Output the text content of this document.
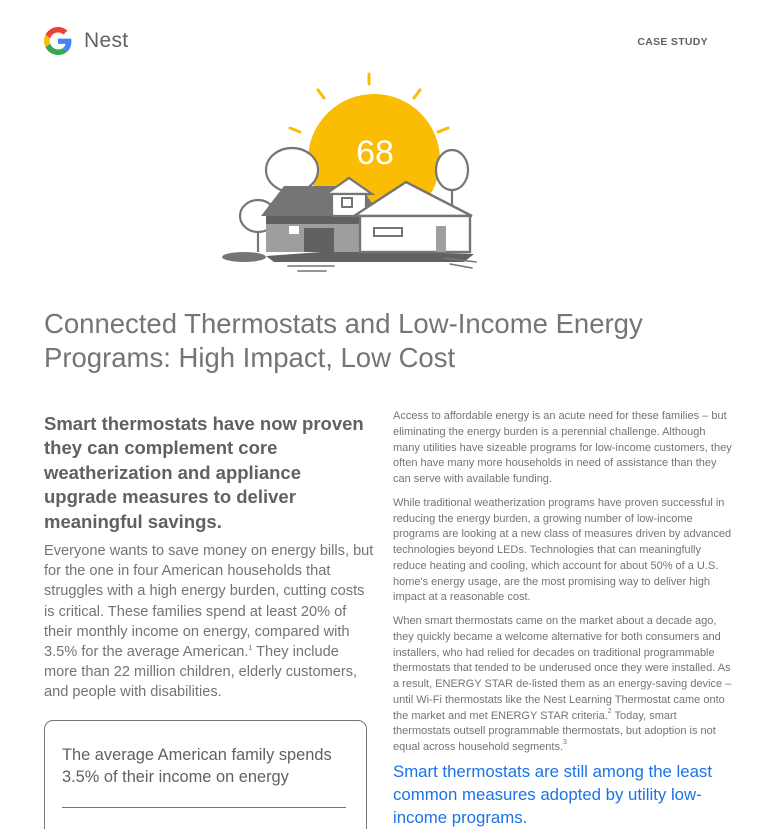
Nest	CASE STUDY
68
Connected Thermostats and Low-Income Energy Programs: High Impact, Low Cost
Smart thermostats have now proven they can complement core weatherization and appliance upgrade measures to deliver meaningful savings.

Everyone wants to save money on energy bills, but for the one in four American households that struggles with a high energy burden, cutting costs is critical. These families spend at least 20% of their monthly income on energy, compared with 3.5% for the average American.$^1$ They include more than 22 million children, elderly customers, and people with disabilities.

The average American family spends 3.5% of their income on energy

Access to affordable energy is an acute need for these families – but eliminating the energy burden is a perennial challenge. Although many utilities have sizeable programs for low-income customers, they often have many more households in need of assistance than they can serve with available funding.

While traditional weatherization programs have proven successful in reducing the energy burden, a growing number of low-income programs are looking at a new class of measures driven by advanced technologies beyond LEDs. Technologies that can meaningfully reduce heating and cooling, which account for about 50% of a U.S. home's energy usage, are the most promising way to deliver high impact at a reasonable cost.

When smart thermostats came on the market about a decade ago, they quickly became a welcome alternative for both consumers and installers, who had relied for decades on traditional programmable thermostats that tended to be underused once they were installed. As a result, ENERGY STAR de-listed them as an energy-saving device – until Wi-Fi thermostats like the Nest Learning Thermostat came onto the market and met ENERGY STAR criteria.$^2$ Today, smart thermostats outsell programmable thermostats, but adoption is not equal across household segments.$^3$

Smart thermostats are still among the least common measures adopted by utility low-income programs.
